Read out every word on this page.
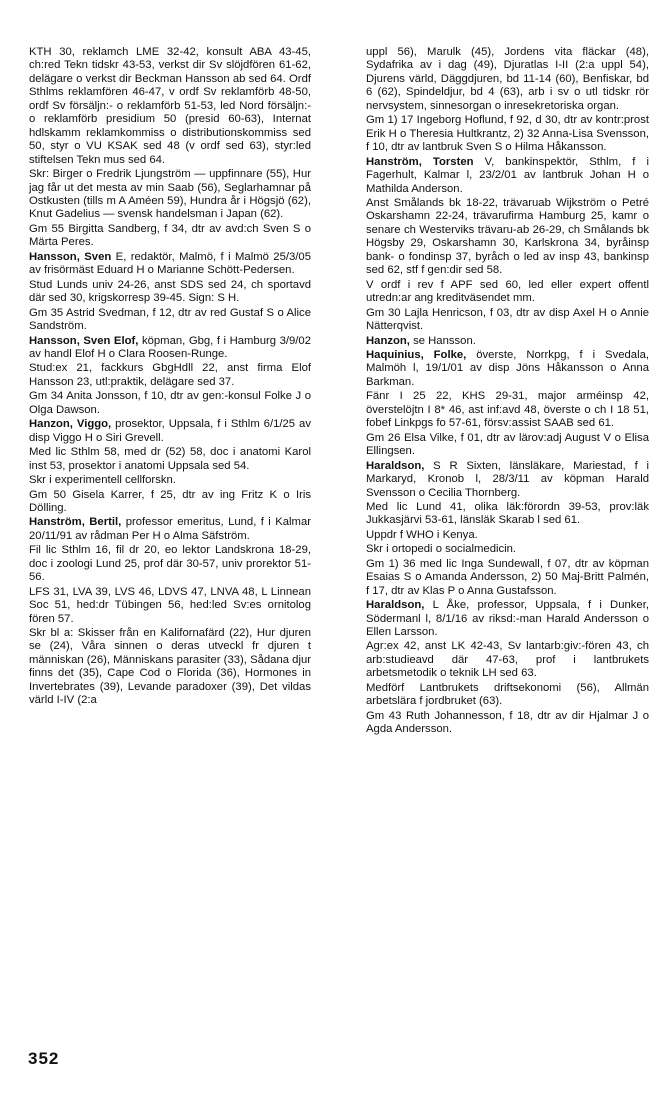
KTH 30, reklamch LME 32-42, konsult ABA 43-45, ch:red Tekn tidskr 43-53, verkst dir Sv slöjdfören 61-62, delägare o verkst dir Beckman Hansson ab sed 64. Ordf Sthlms reklamfören 46-47, v ordf Sv reklamförb 48-50, ordf Sv försäljn:- o reklamförb 51-53, led Nord försäljn:- o reklamförb presidium 50 (presid 60-63), Internat hdlskamm reklamkommiss o distributionskommiss sed 50, styr o VU KSAK sed 48 (v ordf sed 63), styr:led stiftelsen Tekn mus sed 64.

Skr: Birger o Fredrik Ljungström — uppfinnare (55), Hur jag får ut det mesta av min Saab (56), Seglarhamnar på Ostkusten (tills m A Améen 59), Hundra år i Högsjö (62), Knut Gadelius — svensk handelsman i Japan (62).

Gm 55 Birgitta Sandberg, f 34, dtr av avd:ch Sven S o Märta Peres.

Hansson, Sven E, redaktör, Malmö, f i Malmö 25/3/05 av frisörmäst Eduard H o Marianne Schött-Pedersen.

Stud Lunds univ 24-26, anst SDS sed 24, ch sportavd där sed 30, krigskorresp 39-45. Sign: S H.

Gm 35 Astrid Svedman, f 12, dtr av red Gustaf S o Alice Sandström.

Hansson, Sven Elof, köpman, Gbg, f i Hamburg 3/9/02 av handl Elof H o Clara Roosen-Runge.

Stud:ex 21, fackkurs GbgHdll 22, anst firma Elof Hansson 23, utl:praktik, delägare sed 37.

Gm 34 Anita Jonsson, f 10, dtr av gen:-konsul Folke J o Olga Dawson.

Hanzon, Viggo, prosektor, Uppsala, f i Sthlm 6/1/25 av disp Viggo H o Siri Grevell.

Med lic Sthlm 58, med dr (52) 58, doc i anatomi Karol inst 53, prosektor i anatomi Uppsala sed 54.

Skr i experimentell cellforskn.

Gm 50 Gisela Karrer, f 25, dtr av ing Fritz K o Iris Dölling.

Hanström, Bertil, professor emeritus, Lund, f i Kalmar 20/11/91 av rådman Per H o Alma Säfström.

Fil lic Sthlm 16, fil dr 20, eo lektor Landskrona 18-29, doc i zoologi Lund 25, prof där 30-57, univ prorektor 51-56.

LFS 31, LVA 39, LVS 46, LDVS 47, LNVA 48, L Linnean Soc 51, hed:dr Tübingen 56, hed:led Sv:es ornitolog fören 57.

Skr bl a: Skisser från en Kalifornafärd (22), Hur djuren se (24), Våra sinnen o deras utveckl fr djuren t människan (26), Människans parasiter (33), Sådana djur finns det (35), Cape Cod o Florida (36), Hormones in Invertebrates (39), Levande paradoxer (39), Det vildas värld I-IV (2:a

uppl 56), Marulk (45), Jordens vita fläckar (48), Sydafrika av i dag (49), Djuratlas I-II (2:a uppl 54), Djurens värld, Däggdjuren, bd 11-14 (60), Benfiskar, bd 6 (62), Spindeldjur, bd 4 (63), arb i sv o utl tidskr rör nervsystem, sinnesorgan o inresekretoriska organ.

Gm 1) 17 Ingeborg Hoflund, f 92, d 30, dtr av kontr:prost Erik H o Theresia Hultkrantz, 2) 32 Anna-Lisa Svensson, f 10, dtr av lantbruk Sven S o Hilma Håkansson.

Hanström, Torsten V, bankinspektör, Sthlm, f i Fagerhult, Kalmar l, 23/2/01 av lantbruk Johan H o Mathilda Anderson.

Anst Smålands bk 18-22, trävaruab Wijkström o Petré Oskarshamn 22-24, trävarufirma Hamburg 25, kamr o senare ch Westerviks trävaru-ab 26-29, ch Smålands bk Högsby 29, Oskarshamn 30, Karlskrona 34, byråinsp bank- o fondinsp 37, byråch o led av insp 43, bankinsp sed 62, stf f gen:dir sed 58.

V ordf i rev f APF sed 60, led eller expert offentl utredn:ar ang kreditväsendet mm.

Gm 30 Lajla Henricson, f 03, dtr av disp Axel H o Annie Nätterqvist.

Hanzon, se Hansson.

Haquinius, Folke, överste, Norrkpg, f i Svedala, Malmöh l, 19/1/01 av disp Jöns Håkansson o Anna Barkman.

Fänr I 25 22, KHS 29-31, major arméinsp 42, överstelöjtn I 8* 46, ast inf:avd 48, överste o ch I 18 51, fobef Linkpgs fo 57-61, försv:assist SAAB sed 61.

Gm 26 Elsa Vilke, f 01, dtr av lärov:adj August V o Elisa Ellingsen.

Haraldson, S R Sixten, länsläkare, Mariestad, f i Markaryd, Kronob l, 28/3/11 av köpman Harald Svensson o Cecilia Thornberg.

Med lic Lund 41, olika läk:förordn 39-53, prov:läk Jukkasjärvi 53-61, länsläk Skarab l sed 61.

Uppdr f WHO i Kenya.

Skr i ortopedi o socialmedicin.

Gm 1) 36 med lic Inga Sundewall, f 07, dtr av köpman Esaias S o Amanda Andersson, 2) 50 Maj-Britt Palmén, f 17, dtr av Klas P o Anna Gustafsson.

Haraldson, L Åke, professor, Uppsala, f i Dunker, Södermanl l, 8/1/16 av riksd:-man Harald Andersson o Ellen Larsson.

Agr:ex 42, anst LK 42-43, Sv lantarb:giv:-fören 43, ch arb:studieavd där 47-63, prof i lantbrukets arbetsmetodik o teknik LH sed 63.

Medförf Lantbrukets driftsekonomi (56), Allmän arbetslära f jordbruket (63).

Gm 43 Ruth Johannesson, f 18, dtr av dir Hjalmar J o Agda Andersson.

352
